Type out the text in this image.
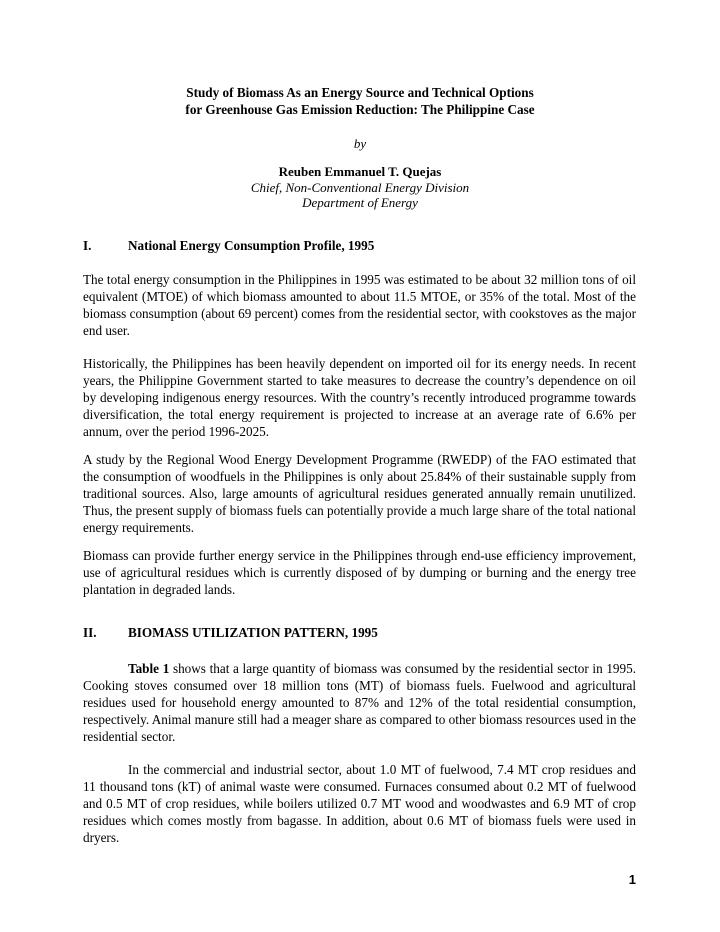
Study of Biomass As an Energy Source and Technical Options
for Greenhouse Gas Emission Reduction: The Philippine Case
by
Reuben Emmanuel T. Quejas
Chief, Non-Conventional Energy Division
Department of Energy
I.	National Energy Consumption Profile, 1995

The total energy consumption in the Philippines in 1995 was estimated to be about 32 million tons of oil equivalent (MTOE) of which biomass amounted to about 11.5 MTOE, or 35% of the total. Most of the biomass consumption (about 69 percent) comes from the residential sector, with cookstoves as the major end user.

Historically, the Philippines has been heavily dependent on imported oil for its energy needs. In recent years, the Philippine Government started to take measures to decrease the country’s dependence on oil by developing indigenous energy resources. With the country’s recently introduced programme towards diversification, the total energy requirement is projected to increase at an average rate of 6.6% per annum, over the period 1996-2025.

A study by the Regional Wood Energy Development Programme (RWEDP) of the FAO estimated that the consumption of woodfuels in the Philippines is only about 25.84% of their sustainable supply from traditional sources. Also, large amounts of agricultural residues generated annually remain unutilized. Thus, the present supply of biomass fuels can potentially provide a much large share of the total national energy requirements.

Biomass can provide further energy service in the Philippines through end-use efficiency improvement, use of agricultural residues which is currently disposed of by dumping or burning and the energy tree plantation in degraded lands.

II. BIOMASS UTILIZATION PATTERN, 1995

Table 1 shows that a large quantity of biomass was consumed by the residential sector in 1995. Cooking stoves consumed over 18 million tons (MT) of biomass fuels. Fuelwood and agricultural residues used for household energy amounted to 87% and 12% of the total residential consumption, respectively. Animal manure still had a meager share as compared to other biomass resources used in the residential sector.

In the commercial and industrial sector, about 1.0 MT of fuelwood, 7.4 MT crop residues and 11 thousand tons (kT) of animal waste were consumed. Furnaces consumed about 0.2 MT of fuelwood and 0.5 MT of crop residues, while boilers utilized 0.7 MT wood and woodwastes and 6.9 MT of crop residues which comes mostly from bagasse. In addition, about 0.6 MT of biomass fuels were used in dryers.

1
